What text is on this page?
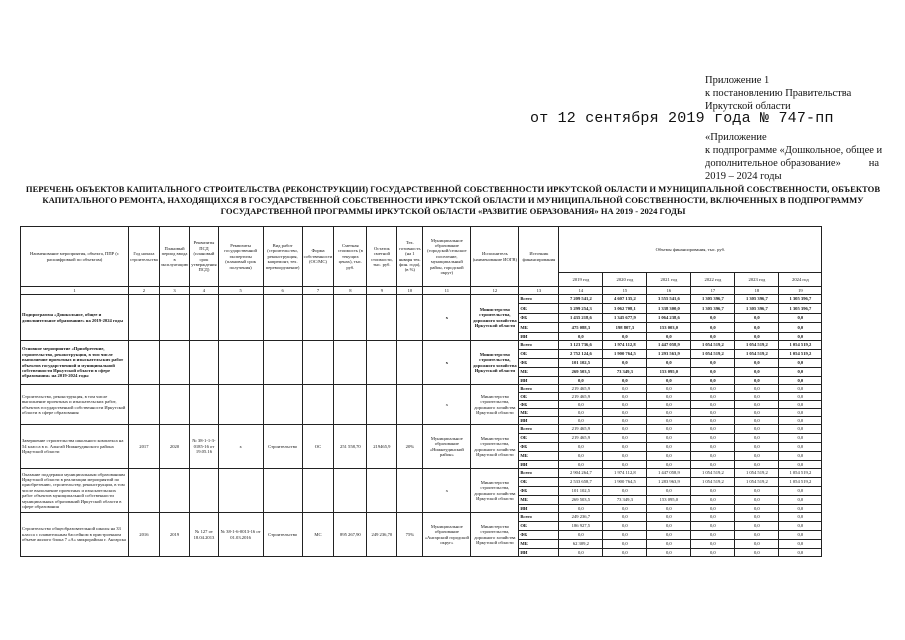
Приложение 1
к постановлению Правительства
Иркутской области
от 12 сентября 2019 года № 747-пп
«Приложение
к подпрограмме «Дошкольное, общее и
дополнительное образование»	на
2019 – 2024 годы
ПЕРЕЧЕНЬ ОБЪЕКТОВ КАПИТАЛЬНОГО СТРОИТЕЛЬСТВА (РЕКОНСТРУКЦИИ) ГОСУДАРСТВЕННОЙ СОБСТВЕННОСТИ ИРКУТСКОЙ ОБЛАСТИ И МУНИЦИПАЛЬНОЙ СОБСТВЕННОСТИ, ОБЪЕКТОВ
КАПИТАЛЬНОГО РЕМОНТА, НАХОДЯЩИХСЯ В ГОСУДАРСТВЕННОЙ СОБСТВЕННОСТИ ИРКУТСКОЙ ОБЛАСТИ И МУНИЦИПАЛЬНОЙ СОБСТВЕННОСТИ, ВКЛЮЧЕННЫХ В ПОДПРОГРАММУ
ГОСУДАРСТВЕННОЙ ПРОГРАММЫ ИРКУТСКОЙ ОБЛАСТИ «РАЗВИТИЕ ОБРАЗОВАНИЯ» НА 2019 - 2024 ГОДЫ
Наименование мероприятия, объекта, ППР (с расшифровкой по объектам)	Год начала строительства	Плановый период ввода в эксплуатацию	Реквизиты ПСД (плановый срок утверждения ПСД)	Реквизиты государственной экспертизы (плановый срок получения)	Вид работ (строительство, реконструкция, капремонт, тех. перевооружение)	Форма собственности (ОС/МС)	Сметная стоимость (в текущих ценах), тыс. руб.	Остаток сметной стоимости, тыс. руб.	Тех. готовность (на 1 января тек. фин. года), (в %)	Муниципальное образование (городской/сельское поселение, муниципальный район, городской округ)	Исполнитель (наименование ИОГВ)	Источник финансирования	Объемы финансирования, тыс. руб.					
													2019 год	2020 год	2021 год	2022 год	2023 год	2024 год
1	2	3	4	5	6	7	8	9	10	11	12	13	14	15	16	17	18	19
Подпрограмма «Дошкольное, общее и дополнительное образование» на 2019-2024 годы										х	Министерство строительства, дорожного хозяйства Иркутской области	Всего	7 209 541,2	4 607 135,2	3 555 541,6	1 305 396,7	1 305 396,7	1 305 396,7
												ОБ	5 299 254,3	3 062 708,1	1 338 300,0	1 305 396,7	1 305 396,7	1 305 396,7
												ФБ	1 435 218,6	1 345 677,9	1 064 238,6	0,0	0,0	0,0
												МБ	475 088,3	198 807,3	153 003,0	0,0	0,0	0,0
												ИИ	0,0	0,0	0,0	0,0	0,0	0,0
Основное мероприятие «Приобретение, строительство, реконструкция, в том числе выполнение проектных и изыскательских работ объектов государственной и муниципальной собственности Иркутской области в сфере образования» на 2019-2024 годы										х	Министерство строительства, дорожного хозяйства Иркутской области	Всего	3 123 736,6	1 974 112,8	1 447 058,9	1 054 519,2	1 054 519,2	1 054 519,2
												ОБ	2 752 124,6	1 900 764,5	1 293 563,9	1 054 519,2	1 054 519,2	1 054 519,2
												ФБ	101 102,5	0,0	0,0	0,0	0,0	0,0
												МБ	269 503,5	73 349,3	153 095,0	0,0	0,0	0,0
												ИИ	0,0	0,0	0,0	0,0	0,0	0,0
Строительство, реконструкция, в том числе выполнение проектных и изыскательских работ, объектов государственной собственности Иркутской области в сфере образования										х	Министерство строительства, дорожного хозяйства Иркутской области	Всего	219 465,9	0,0	0,0	0,0	0,0	0,0
												ОБ	219 465,9	0,0	0,0	0,0	0,0	0,0
												ФБ	0,0	0,0	0,0	0,0	0,0	0,0
												МБ	0,0	0,0	0,0	0,0	0,0	0,0
												ИИ	0,0	0,0	0,0	0,0	0,0	0,0
Завершение строительства школьного комплекса на 54 класса в п. Алыгай Нижнеудинского района Иркутской области	2017	2020	№ 38-1-1-3-0185-16 от 19.05.16	х	Строительство	ОС	251 558,70	219465,9	20%	Муниципальное образование «Нижнеудинский район»	Министерство строительства, дорожного хозяйства Иркутской области	Всего	219 465,9	0,0	0,0	0,0	0,0	0,0
												ОБ	219 465,9	0,0	0,0	0,0	0,0	0,0
												ФБ	0,0	0,0	0,0	0,0	0,0	0,0
												МБ	0,0	0,0	0,0	0,0	0,0	0,0
												ИИ	0,0	0,0	0,0	0,0	0,0	0,0
Оказание поддержки муниципальным образованиям Иркутской области в реализации мероприятий по приобретению, строительству, реконструкции, в том числе выполнение проектных и изыскательских работ объектов муниципальной собственности муниципальных образований Иркутской области в сфере образования										х	Министерство строительства, дорожного хозяйства Иркутской области	Всего	2 904 264,7	1 974 112,8	1 447 058,9	1 054 519,2	1 054 519,2	1 054 519,2
												ОБ	2 533 658,7	1 900 764,5	1 283 963,9	1 054 519,2	1 054 519,2	1 054 519,2
												ФБ	101 102,5	0,0	0,0	0,0	0,0	0,0
												МБ	269 503,5	73 349,3	153 095,0	0,0	0,0	0,0
												ИИ	0,0	0,0	0,0	0,0	0,0	0,0
Строительство общеобразовательной школы на 33 класса с плавательным бассейном в пристроенном объеме жилого блока 7 «А» микрорайона г. Ангарска	2016	2019	№ 127 от 18.04.2013	№ 38-1-6-0013-16 от 01.03.2016	Строительство	МС	895 267,90	249 236,70	75%	Муниципальное образование «Ангарский городской округ»	Министерство строительства, дорожного хозяйства Иркутской области	Всего	249 236,7	0,0	0,0	0,0	0,0	0,0
												ОБ	186 927,5	0,0	0,0	0,0	0,0	0,0
												ФБ	0,0	0,0	0,0	0,0	0,0	0,0
												МБ	62 309,2	0,0	0,0	0,0	0,0	0,0
												ИИ	0,0	0,0	0,0	0,0	0,0	0,0
